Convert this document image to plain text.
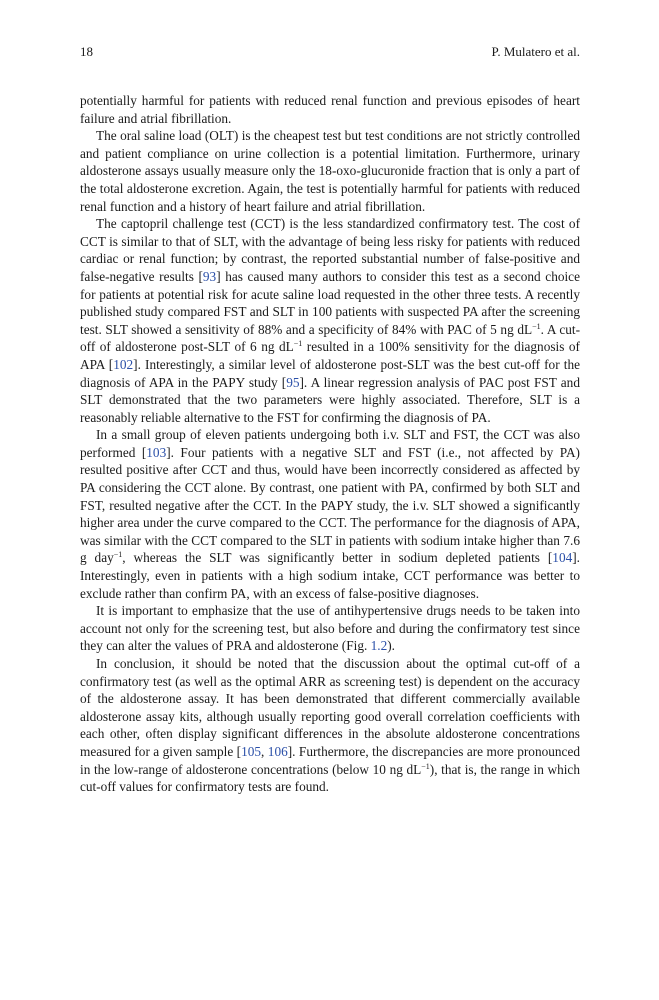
18	P. Mulatero et al.

potentially harmful for patients with reduced renal function and previous episodes of heart failure and atrial fibrillation.

The oral saline load (OLT) is the cheapest test but test conditions are not strictly controlled and patient compliance on urine collection is a potential limitation. Furthermore, urinary aldosterone assays usually measure only the 18-oxo-glucuronide fraction that is only a part of the total aldosterone excretion. Again, the test is potentially harmful for patients with reduced renal function and a history of heart failure and atrial fibrillation.

The captopril challenge test (CCT) is the less standardized confirmatory test. The cost of CCT is similar to that of SLT, with the advantage of being less risky for patients with reduced cardiac or renal function; by contrast, the reported substantial number of false-positive and false-negative results [93] has caused many authors to consider this test as a second choice for patients at potential risk for acute saline load requested in the other three tests. A recently published study compared FST and SLT in 100 patients with suspected PA after the screening test. SLT showed a sensitivity of 88% and a specificity of 84% with PAC of 5 ng $dL^{-1}$. A cut-off of aldosterone post-SLT of 6 ng $dL^{-1}$ resulted in a 100% sensitivity for the diagnosis of APA [102]. Interestingly, a similar level of aldosterone post-SLT was the best cut-off for the diagnosis of APA in the PAPY study [95]. A linear regression analysis of PAC post FST and SLT demonstrated that the two parameters were highly associated. Therefore, SLT is a reasonably reliable alternative to the FST for confirming the diagnosis of PA.

In a small group of eleven patients undergoing both i.v. SLT and FST, the CCT was also performed [103]. Four patients with a negative SLT and FST (i.e., not affected by PA) resulted positive after CCT and thus, would have been incorrectly considered as affected by PA considering the CCT alone. By contrast, one patient with PA, confirmed by both SLT and FST, resulted negative after the CCT. In the PAPY study, the i.v. SLT showed a significantly higher area under the curve compared to the CCT. The performance for the diagnosis of APA, was similar with the CCT compared to the SLT in patients with sodium intake higher than 7.6 g day$^{-1}$, whereas the SLT was significantly better in sodium depleted patients [104]. Interestingly, even in patients with a high sodium intake, CCT performance was better to exclude rather than confirm PA, with an excess of false-positive diagnoses.

It is important to emphasize that the use of antihypertensive drugs needs to be taken into account not only for the screening test, but also before and during the confirmatory test since they can alter the values of PRA and aldosterone (Fig. 1.2).

In conclusion, it should be noted that the discussion about the optimal cut-off of a confirmatory test (as well as the optimal ARR as screening test) is dependent on the accuracy of the aldosterone assay. It has been demonstrated that different commercially available aldosterone assay kits, although usually reporting good overall correlation coefficients with each other, often display significant differences in the absolute aldosterone concentrations measured for a given sample [105, 106]. Furthermore, the discrepancies are more pronounced in the low-range of aldosterone concentrations (below 10 ng $dL^{-1}$), that is, the range in which cut-off values for confirmatory tests are found.
